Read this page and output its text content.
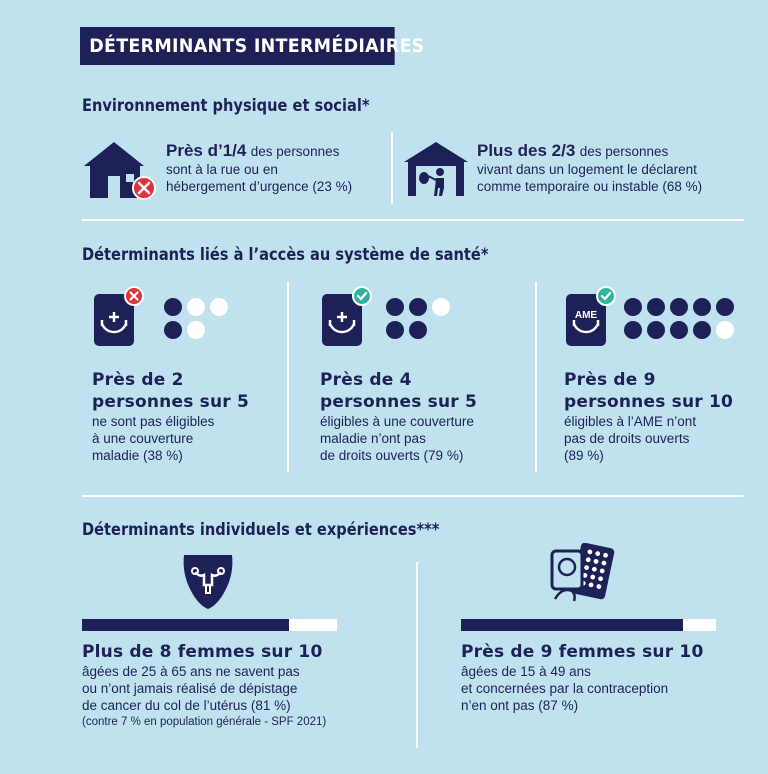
DÉTERMINANTS INTERMÉDIAIRES
Environnement physique et social*
Près d’1/4 des personnes
sont à la rue ou en
hébergement d’urgence (23 %)
Plus des 2/3 des personnes
vivant dans un logement le déclarent
comme temporaire ou instable (68 %)
Déterminants liés à l’accès au système de santé*
Près de 2
personnes sur 5
ne sont pas éligibles
à une couverture
maladie (38 %)
Près de 4
personnes sur 5
éligibles à une couverture
maladie n’ont pas
de droits ouverts (79 %)
AME
Près de 9
personnes sur 10
éligibles à l’AME n’ont
pas de droits ouverts
(89 %)
Déterminants individuels et expériences***
Plus de 8 femmes sur 10
âgées de 25 à 65 ans ne savent pas
ou n’ont jamais réalisé de dépistage
de cancer du col de l’utérus (81 %)
(contre 7 % en population générale - SPF 2021)
Près de 9 femmes sur 10
âgées de 15 à 49 ans
et concernées par la contraception
n’en ont pas (87 %)
